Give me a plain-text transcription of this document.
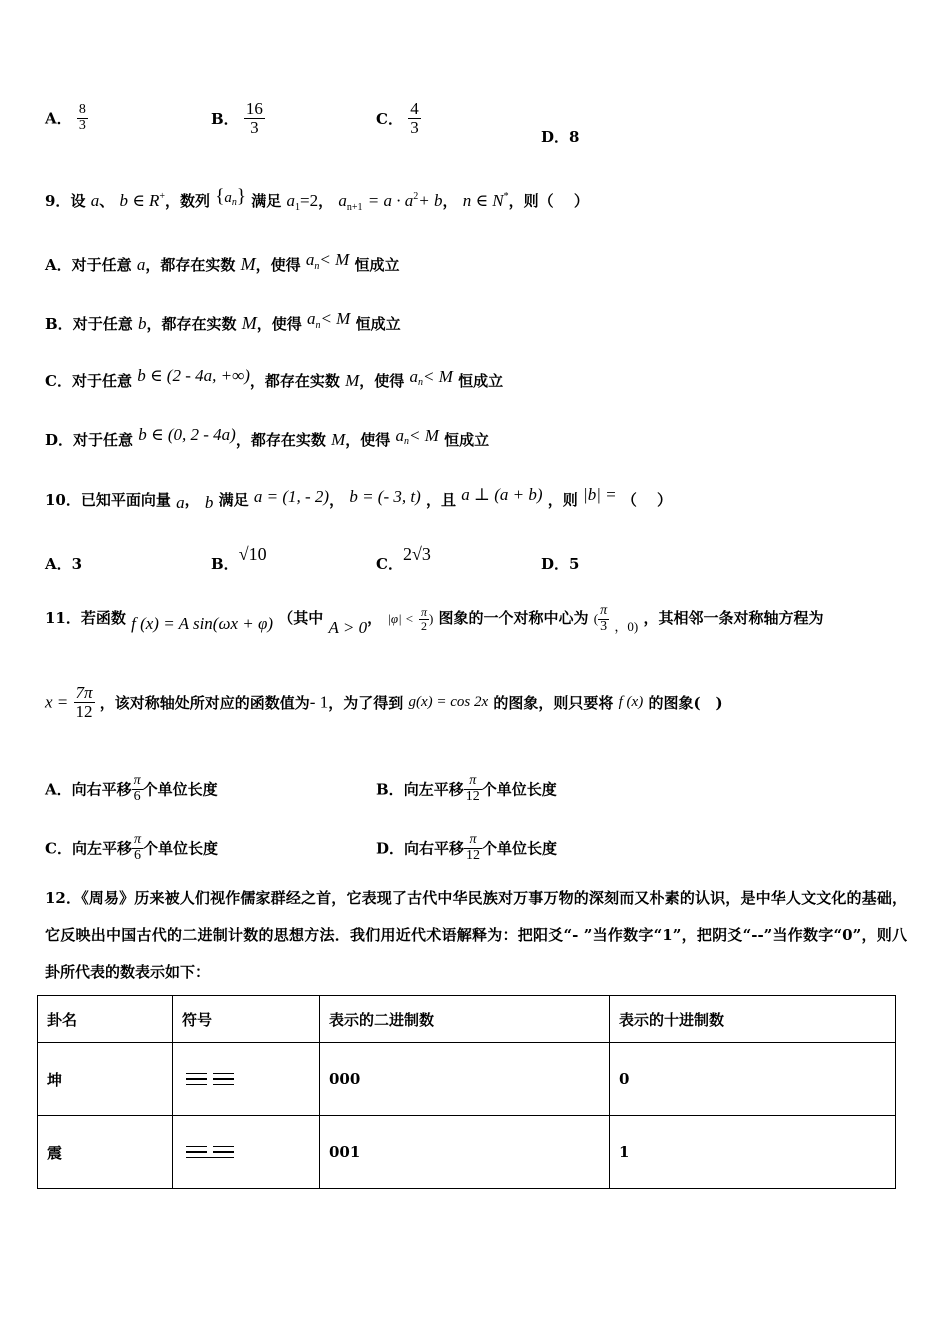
A． $\frac{8}{3}$	B． $\frac{16}{3}$	C． $\frac{4}{3}$
D．8
9．设 a、 b ∈ R+，数列 {an} 满足 $a_1=2$， $a_{n+1} = a \cdot a^2+ b$， n ∈ N*，则（　 ）
A．对于任意 a，都存在实数 M，使得 an< M 恒成立
B．对于任意 b，都存在实数 M，使得 an< M 恒成立
C．对于任意 b ∈ (2 - 4a, +∞)，都存在实数 M，使得 an< M 恒成立
D．对于任意 b ∈ (0, 2 - 4a)，都存在实数 M，使得 an< M 恒成立
10．已知平面向量 a， b 满足 a = (1, - 2)， b = (- 3, t) ，且 a ⊥ (a + b) ，则 |b| = （　 ）
A．3	B．√10	C．2√3	D．5
11．若函数 f (x) = A sin(ωx + φ) （其中 A > 0， $|\varphi| < \frac{\pi}{2}$ ) 图象的一个对称中心为 ( $\frac{\pi}{3}$ ，0) ，其相邻一条对称轴方程为
$x = \frac{7\pi}{12}$ ，该对称轴处所对应的函数值为- 1，为了得到 g(x) = cos 2x 的图象，则只要将 f (x) 的图象(　)
A．向右平移 $\frac{\pi}{6}$ 个单位长度	B．向左平移 $\frac{\pi}{12}$ 个单位长度
C．向左平移 $\frac{\pi}{6}$ 个单位长度	D．向右平移 $\frac{\pi}{12}$ 个单位长度
12．《周易》历来被人们视作儒家群经之首，它表现了古代中华民族对万事万物的深刻而又朴素的认识，是中华人文文化的基础，它反映出中国古代的二进制计数的思想方法．我们用近代术语解释为：把阳爻“- ”当作数字“1”，把阴爻“--”当作数字“0”，则八卦所代表的数表示如下：
卦名	符号	表示的二进制数	表示的十进制数
坤		000	0
震		001	1
